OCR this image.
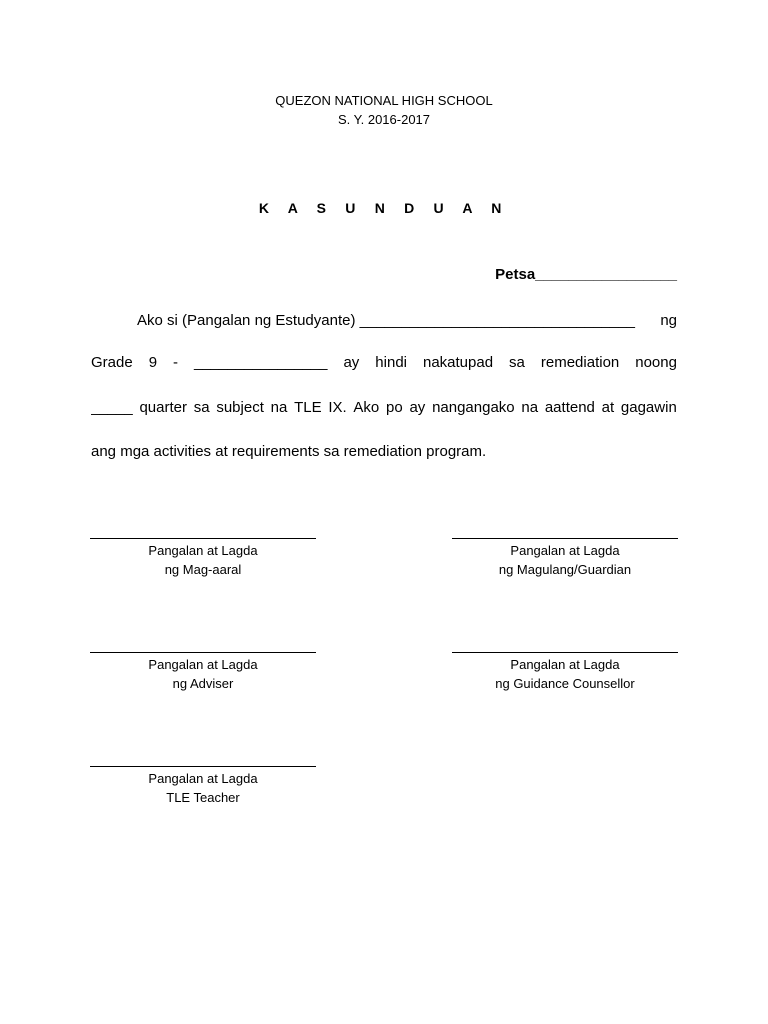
QUEZON NATIONAL HIGH SCHOOL
S. Y. 2016-2017
K A S U N D U A N
Petsa_________________
Ako si (Pangalan ng Estudyante) _________________________________ ng
Grade 9 - ________________ ay hindi nakatupad sa remediation noong
_____ quarter sa subject na TLE IX. Ako po ay nangangako na aattend at gagawin
ang mga activities at requirements sa remediation program.
Pangalan at Lagda
ng Mag-aaral
Pangalan at Lagda
ng Magulang/Guardian
Pangalan at Lagda
ng Adviser
Pangalan at Lagda
ng Guidance Counsellor
Pangalan at Lagda
TLE Teacher
